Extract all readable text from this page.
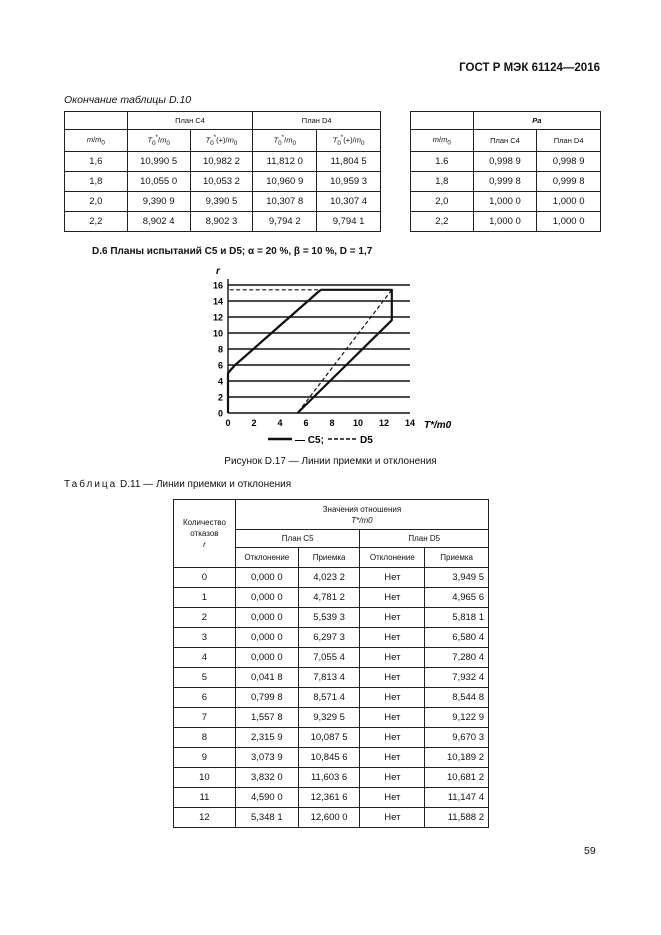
ГОСТ Р МЭК 61124—2016
Окончание таблицы D.10
	План C4		План D4	
$m/m_0$	$T_0^*/m_0$	$T_0^*(+)/m_0$	$T_0^*/m_0$	$T_0^*(+)/m_0$
1,6	10,990 5	10,982 2	11,812 0	11,804 5
1,8	10,055 0	10,053 2	10,960 9	10,959 3
2,0	9,390 9	9,390 5	10,307 8	10,307 4
2,2	8,902 4	8,902 3	9,794 2	9,794 1
	Pa	
$m/m_0$	План C4	План D4
1.6	0,998 9	0,998 9
1,8	0,999 8	0,999 8
2,0	1,000 0	1,000 0
2,2	1,000 0	1,000 0
D.6 Планы испытаний C5 и D5; α = 20 %, β = 10 %, D = 1,7
0
2
4
6
8
10
12
14
16
0 2 4 6 8 10 12 14
r
T*/m0
— C5;	D5
Рисунок D.17 — Линии приемки и отклонения
Таблица D.11 — Линии приемки и отклонения
Количество
отказов
r	Значения отношения
T*/m0			
	План C5		План D5	
	Отклонение	Приемка	Отклонение	Приемка
0	0,000 0	4,023 2	Нет	3,949 5
1	0,000 0	4,781 2	Нет	4,965 6
2	0,000 0	5,539 3	Нет	5,818 1
3	0,000 0	6,297 3	Нет	6,580 4
4	0,000 0	7,055 4	Нет	7,280 4
5	0,041 8	7,813 4	Нет	7,932 4
6	0,799 8	8,571 4	Нет	8,544 8
7	1,557 8	9,329 5	Нет	9,122 9
8	2,315 9	10,087 5	Нет	9,670 3
9	3,073 9	10,845 6	Нет	10,189 2
10	3,832 0	11,603 6	Нет	10,681 2
11	4,590 0	12,361 6	Нет	11,147 4
12	5,348 1	12,600 0	Нет	11,588 2
59
